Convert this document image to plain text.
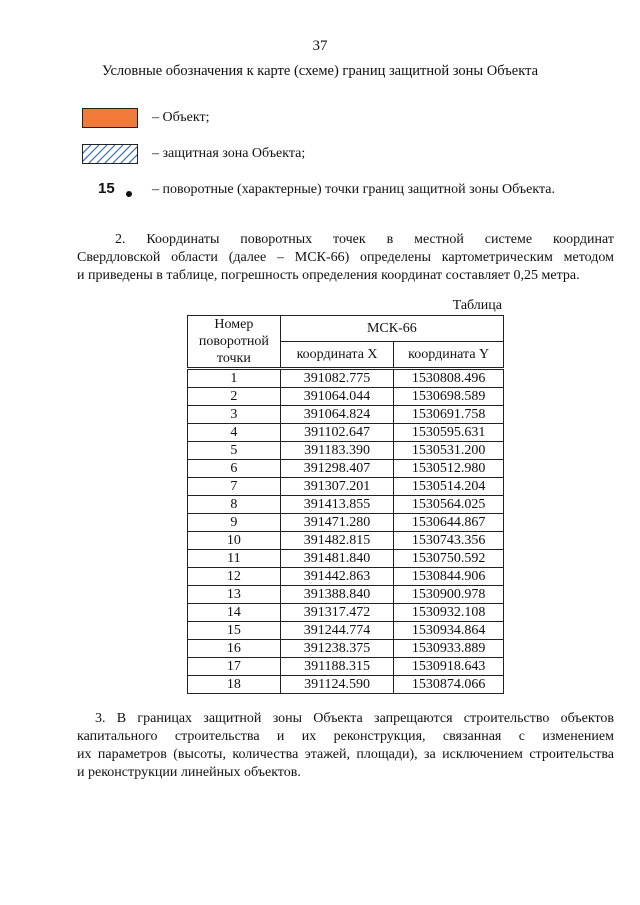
37
Условные обозначения к карте (схеме) границ защитной зоны Объекта
– Объект;
– защитная зона Объекта;
15	– поворотные (характерные) точки границ защитной зоны Объекта.
2. Координаты поворотных точек в местной системе координат
Свердловской области (далее – МСК-66) определены картометрическим методом
и приведены в таблице, погрешность определения координат составляет 0,25 метра.
Таблица
Номер поворотной точки	МСК-66	
	координата X	координата Y
1	391082.775	1530808.496
2	391064.044	1530698.589
3	391064.824	1530691.758
4	391102.647	1530595.631
5	391183.390	1530531.200
6	391298.407	1530512.980
7	391307.201	1530514.204
8	391413.855	1530564.025
9	391471.280	1530644.867
10	391482.815	1530743.356
11	391481.840	1530750.592
12	391442.863	1530844.906
13	391388.840	1530900.978
14	391317.472	1530932.108
15	391244.774	1530934.864
16	391238.375	1530933.889
17	391188.315	1530918.643
18	391124.590	1530874.066
3. В границах защитной зоны Объекта запрещаются строительство объектов
капитального строительства и их реконструкция, связанная с изменением
их параметров (высоты, количества этажей, площади), за исключением строительства
и реконструкции линейных объектов.
